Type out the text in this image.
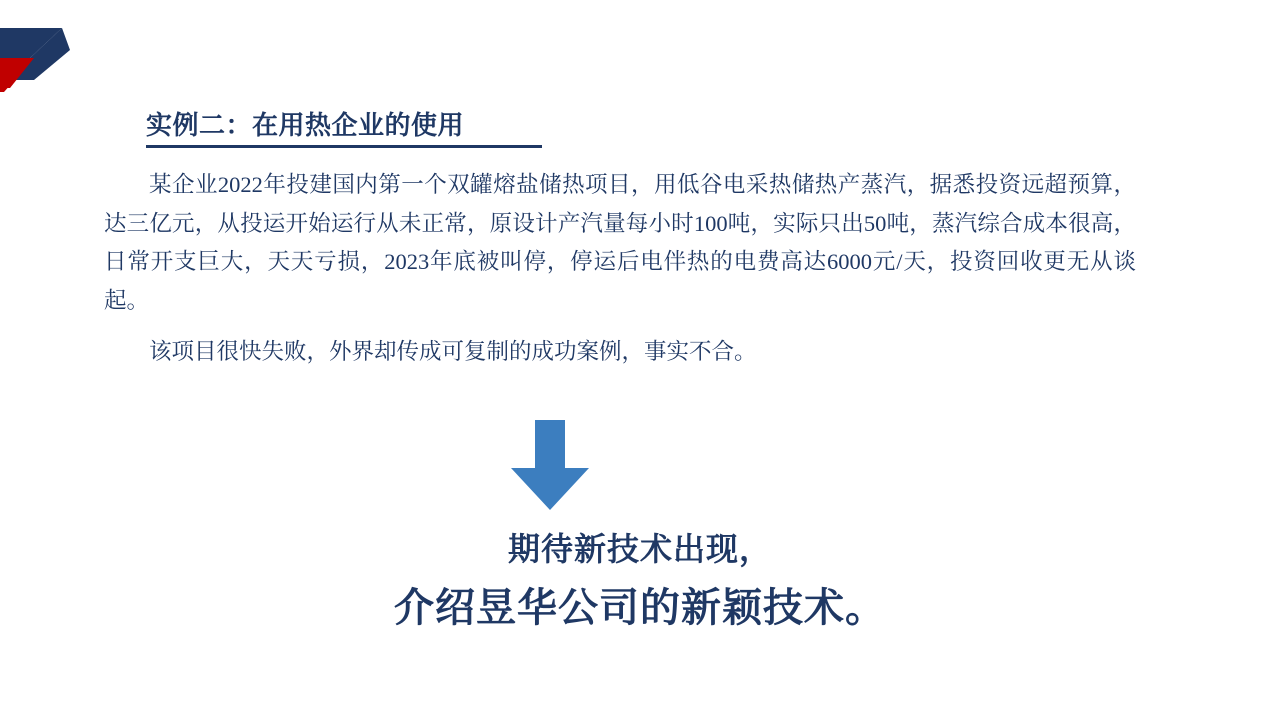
实例二：在用热企业的使用

某企业2022年投建国内第一个双罐熔盐储热项目，用低谷电采热储热产蒸汽，据悉投资远超预算，达三亿元，从投运开始运行从未正常，原设计产汽量每小时100吨，实际只出50吨，蒸汽综合成本很高，日常开支巨大，天天亏损，2023年底被叫停，停运后电伴热的电费高达6000元/天，投资回收更无从谈起。

该项目很快失败，外界却传成可复制的成功案例，事实不合。

期待新技术出现，
介绍昱华公司的新颖技术。
